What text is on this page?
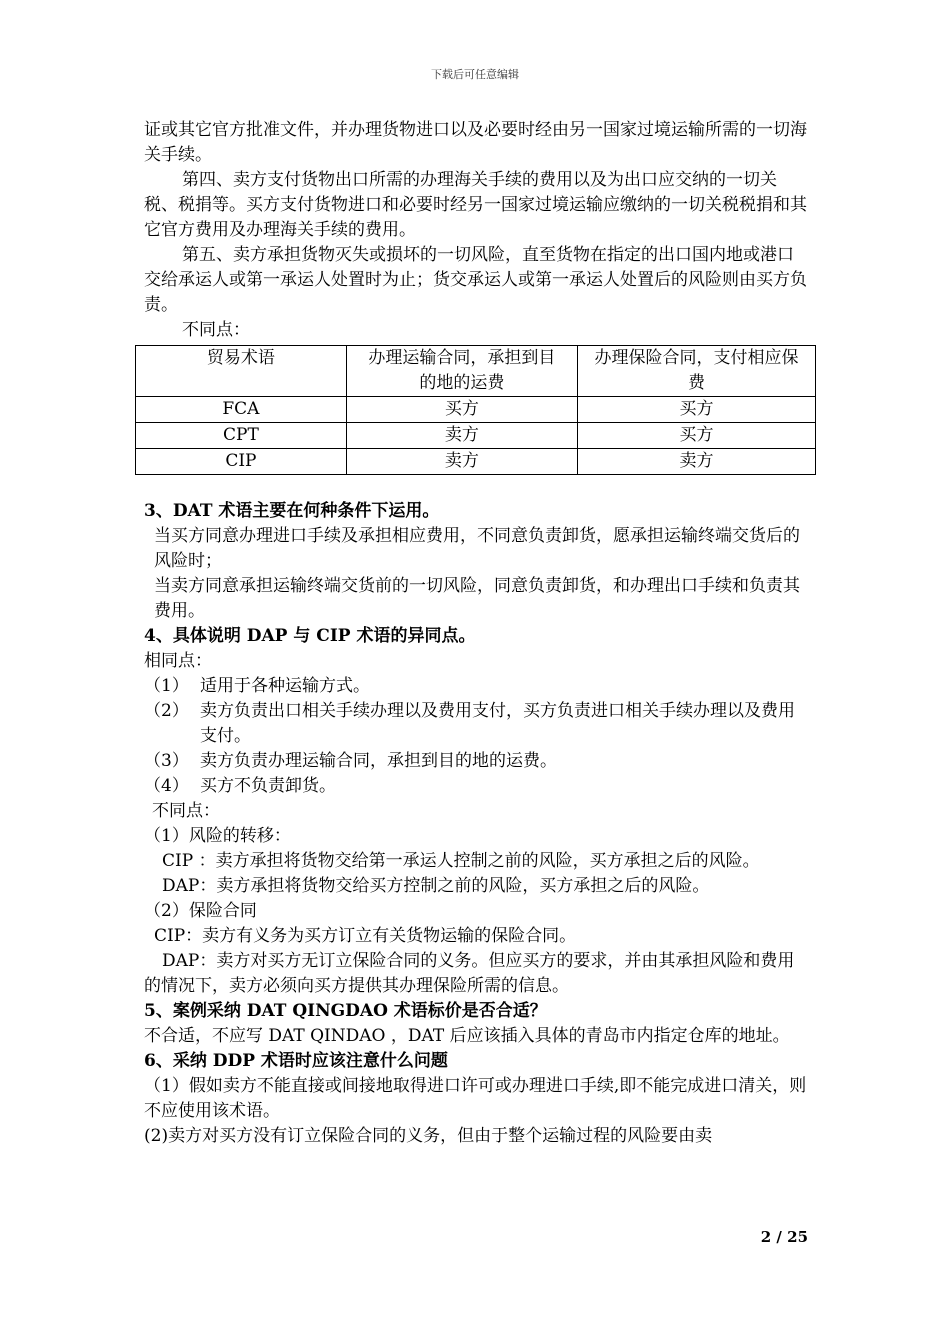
下载后可任意编辑

证或其它官方批准文件，并办理货物进口以及必要时经由另一国家过境运输所需的一切海关手续。

第四、卖方支付货物出口所需的办理海关手续的费用以及为出口应交纳的一切关税、税捐等。买方支付货物进口和必要时经另一国家过境运输应缴纳的一切关税税捐和其它官方费用及办理海关手续的费用。

第五、卖方承担货物灭失或损坏的一切风险，直至货物在指定的出口国内地或港口交给承运人或第一承运人处置时为止；货交承运人或第一承运人处置后的风险则由买方负责。

不同点：

贸易术语	办理运输合同，承担到目的地的运费	办理保险合同，支付相应保费
FCA	买方	买方
CPT	卖方	买方
CIP	卖方	卖方

3、DAT 术语主要在何种条件下运用。

当买方同意办理进口手续及承担相应费用，不同意负责卸货，愿承担运输终端交货后的风险时；

当卖方同意承担运输终端交货前的一切风险，同意负责卸货，和办理出口手续和负责其费用。

4、具体说明 DAP 与 CIP 术语的异同点。

相同点：

（1） 适用于各种运输方式。
（2） 卖方负责出口相关手续办理以及费用支付，买方负责进口相关手续办理以及费用支付。
（3） 卖方负责办理运输合同，承担到目的地的运费。
（4） 买方不负责卸货。

不同点：

（1）风险的转移：

CIP ：卖方承担将货物交给第一承运人控制之前的风险，买方承担之后的风险。

DAP：卖方承担将货物交给买方控制之前的风险，买方承担之后的风险。

（2）保险合同

CIP：卖方有义务为买方订立有关货物运输的保险合同。

DAP：卖方对买方无订立保险合同的义务。但应买方的要求，并由其承担风险和费用的情况下，卖方必须向买方提供其办理保险所需的信息。

5、案例采纳 DAT QINGDAO 术语标价是否合适？

不合适，不应写 DAT QINDAO ，DAT 后应该插入具体的青岛市内指定仓库的地址。

6、采纳 DDP 术语时应该注意什么问题

（1）假如卖方不能直接或间接地取得进口许可或办理进口手续,即不能完成进口清关，则不应使用该术语。

(2)卖方对买方没有订立保险合同的义务，但由于整个运输过程的风险要由卖

2 / 25
